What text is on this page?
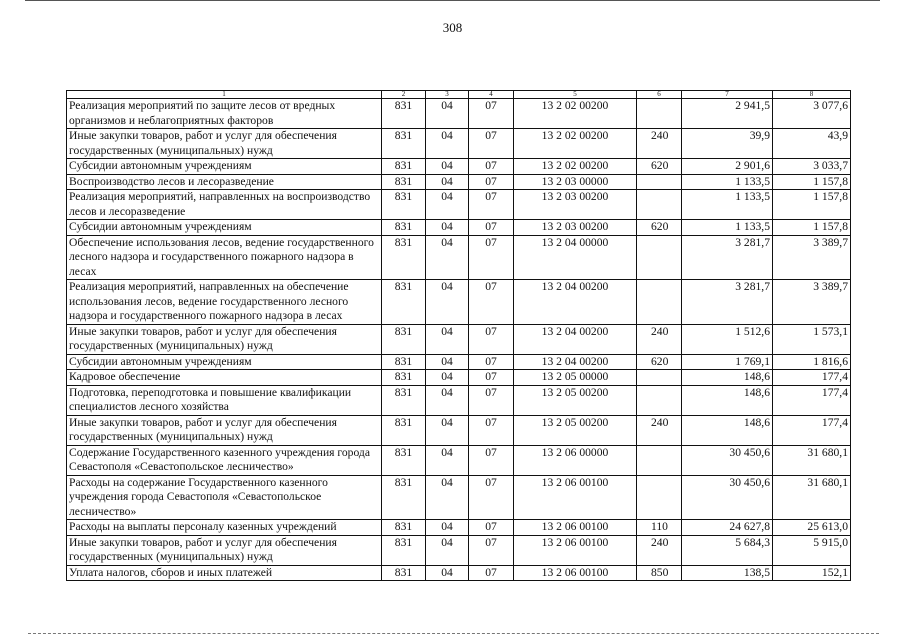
308
1	2	3	4	5	6	7	8
Реализация мероприятий по защите лесов от вредных организмов и неблагоприятных факторов	831	04	07	13 2 02 00200		2 941,5	3 077,6
Иные закупки товаров, работ и услуг для обеспечения государственных (муниципальных) нужд	831	04	07	13 2 02 00200	240	39,9	43,9
Субсидии автономным учреждениям	831	04	07	13 2 02 00200	620	2 901,6	3 033,7
Воспроизводство лесов и лесоразведение	831	04	07	13 2 03 00000		1 133,5	1 157,8
Реализация мероприятий, направленных на воспроизводство лесов и лесоразведение	831	04	07	13 2 03 00200		1 133,5	1 157,8
Субсидии автономным учреждениям	831	04	07	13 2 03 00200	620	1 133,5	1 157,8
Обеспечение использования лесов, ведение государственного лесного надзора и государственного пожарного надзора в лесах	831	04	07	13 2 04 00000		3 281,7	3 389,7
Реализация мероприятий, направленных на обеспечение использования лесов, ведение государственного лесного надзора и государственного пожарного надзора в лесах	831	04	07	13 2 04 00200		3 281,7	3 389,7
Иные закупки товаров, работ и услуг для обеспечения государственных (муниципальных) нужд	831	04	07	13 2 04 00200	240	1 512,6	1 573,1
Субсидии автономным учреждениям	831	04	07	13 2 04 00200	620	1 769,1	1 816,6
Кадровое обеспечение	831	04	07	13 2 05 00000		148,6	177,4
Подготовка, переподготовка и повышение квалификации специалистов лесного хозяйства	831	04	07	13 2 05 00200		148,6	177,4
Иные закупки товаров, работ и услуг для обеспечения государственных (муниципальных) нужд	831	04	07	13 2 05 00200	240	148,6	177,4
Содержание Государственного казенного учреждения города Севастополя «Севастопольское лесничество»	831	04	07	13 2 06 00000		30 450,6	31 680,1
Расходы на содержание Государственного казенного учреждения города Севастополя «Севастопольское лесничество»	831	04	07	13 2 06 00100		30 450,6	31 680,1
Расходы на выплаты персоналу казенных учреждений	831	04	07	13 2 06 00100	110	24 627,8	25 613,0
Иные закупки товаров, работ и услуг для обеспечения государственных (муниципальных) нужд	831	04	07	13 2 06 00100	240	5 684,3	5 915,0
Уплата налогов, сборов и иных платежей	831	04	07	13 2 06 00100	850	138,5	152,1
